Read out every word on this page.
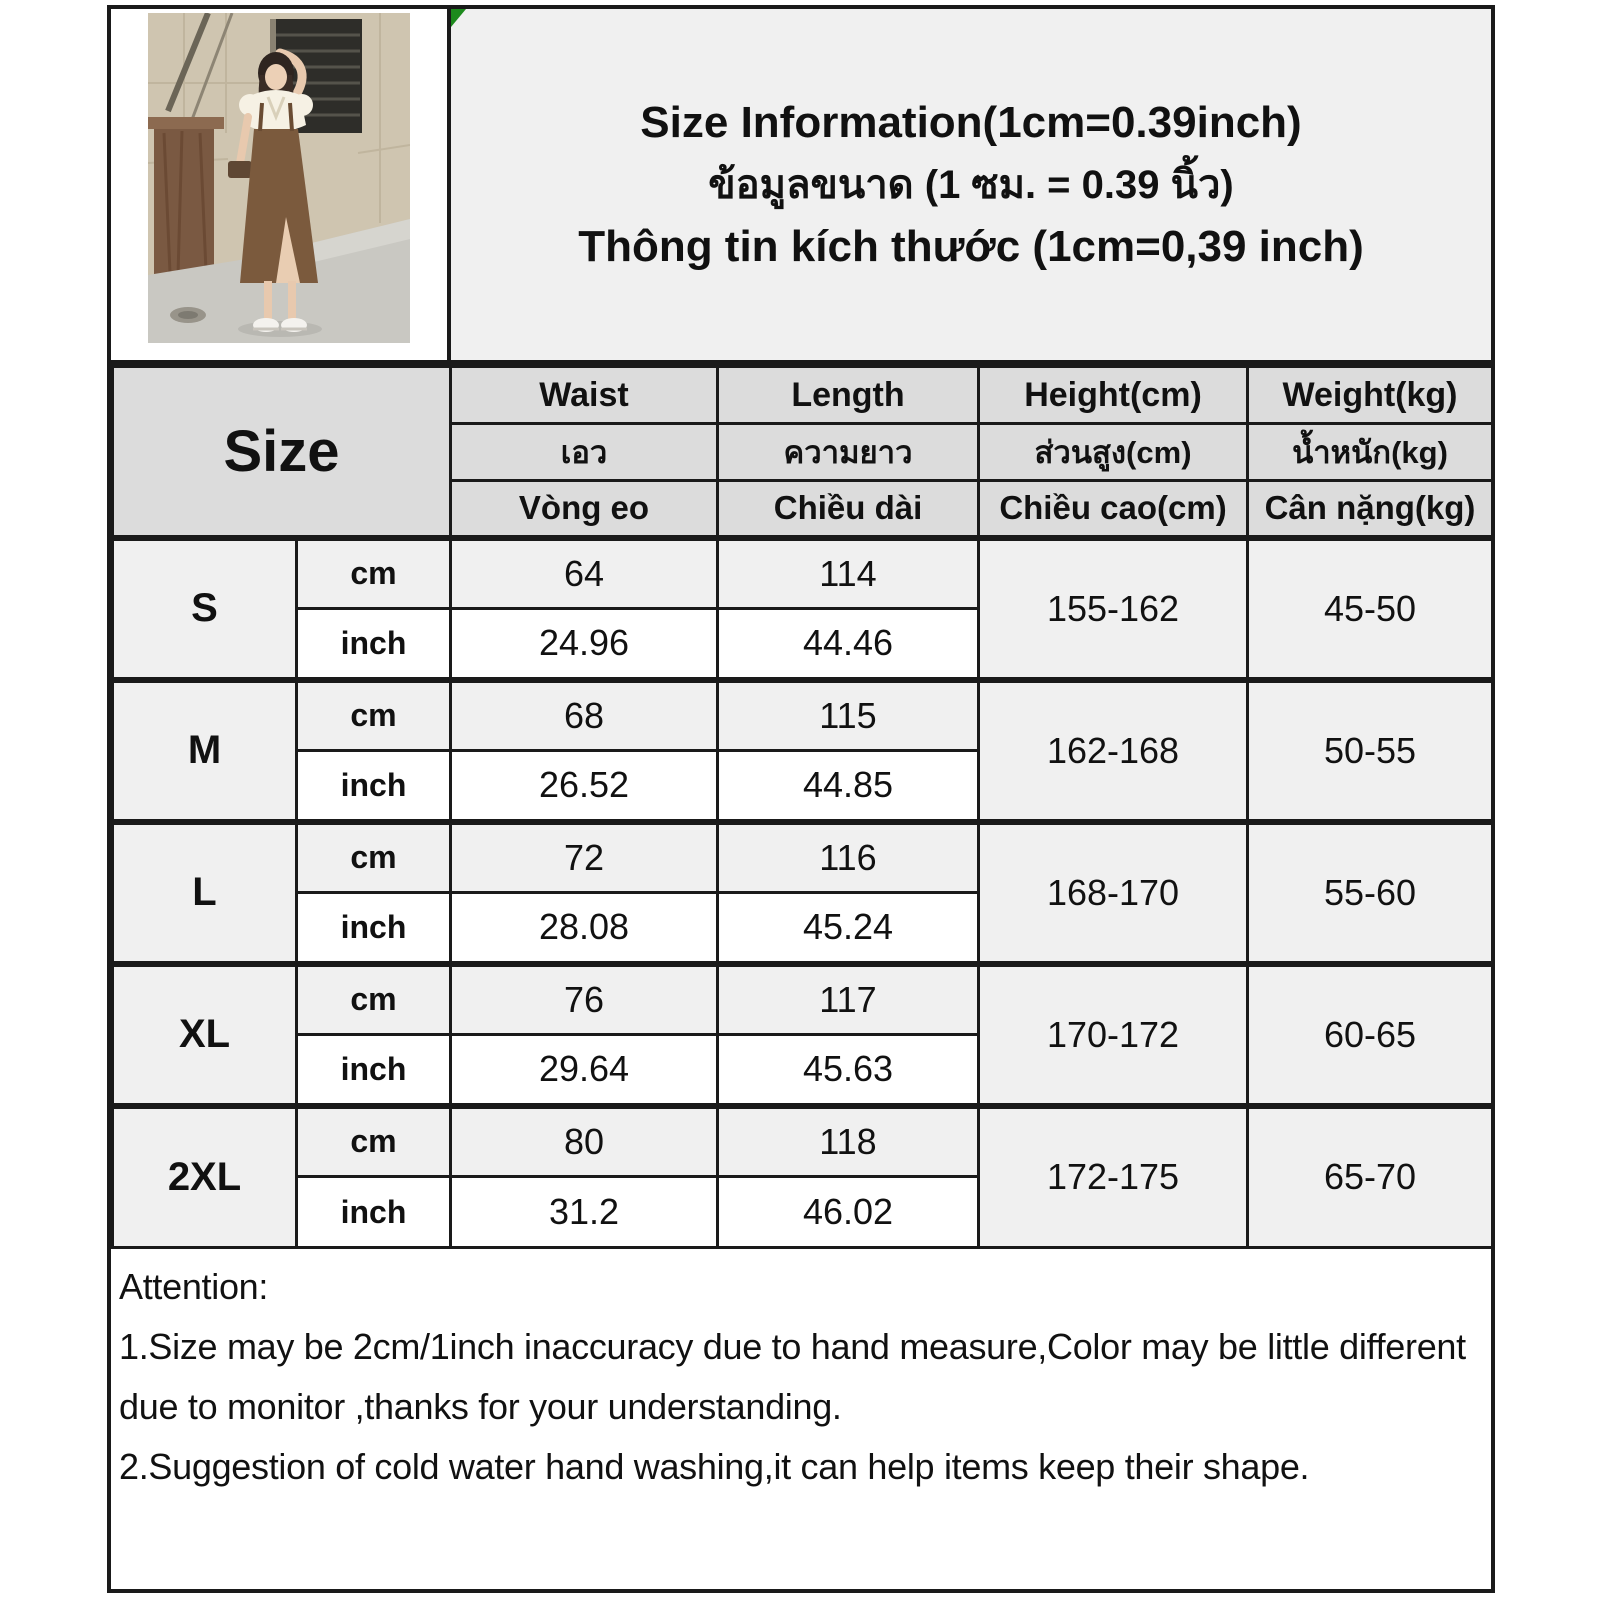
Size Information(1cm=0.39inch)
ข้อมูลขนาด (1 ซม. = 0.39 นิ้ว)
Thông tin kích thước (1cm=0,39 inch)
Size		Waist	Length	Height(cm)	Weight(kg)
		เอว	ความยาว	ส่วนสูง(cm)	น้ำหนัก(kg)
		Vòng eo	Chiều dài	Chiều cao(cm)	Cân nặng(kg)
S	cm	64	114	155-162	45-50
	inch	24.96	44.46		
M	cm	68	115	162-168	50-55
	inch	26.52	44.85		
L	cm	72	116	168-170	55-60
	inch	28.08	45.24		
XL	cm	76	117	170-172	60-65
	inch	29.64	45.63		
2XL	cm	80	118	172-175	65-70
	inch	31.2	46.02		

Attention:

1.Size may be 2cm/1inch inaccuracy due to hand measure,Color may be little different due to monitor ,thanks for your understanding.

2.Suggestion of cold water hand washing,it can help items keep their shape.
